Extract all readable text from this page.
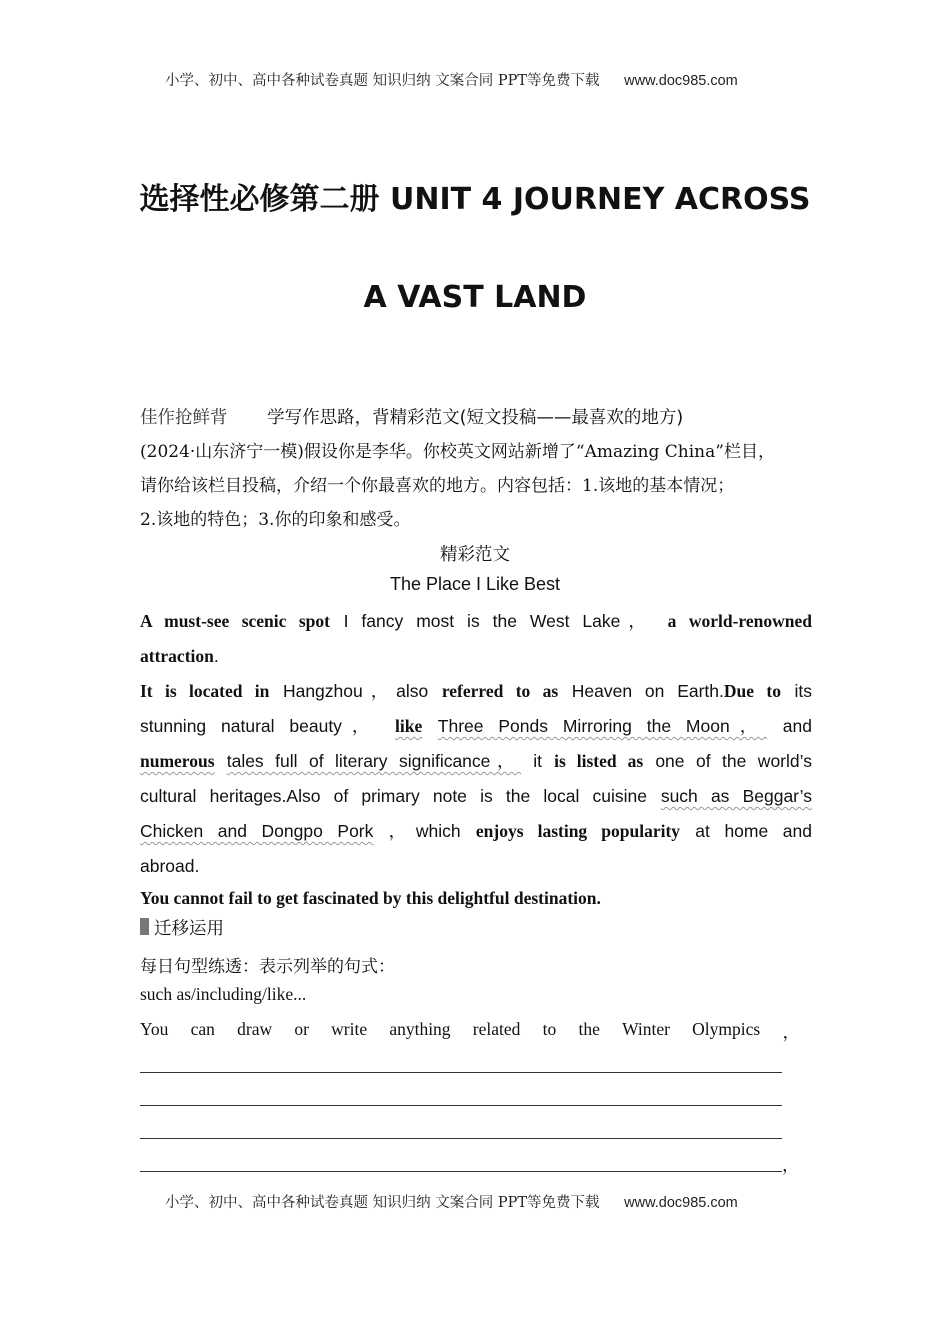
小学、初中、高中各种试卷真题 知识归纳 文案合同 PPT等免费下载 www.doc985.com
选择性必修第二册 UNIT 4 JOURNEY ACROSS
A VAST LAND
佳作抢鲜背 学写作思路，背精彩范文(短文投稿——最喜欢的地方)
(2024·山东济宁一模)假设你是李华。你校英文网站新增了“Amazing China”栏目，
请你给该栏目投稿，介绍一个你最喜欢的地方。内容包括：1.该地的基本情况；
2.该地的特色；3.你的印象和感受。
精彩范文
The Place I Like Best
A must-see scenic spot I fancy most is the West Lake， a world-renowned
attraction.
It is located in Hangzhou，also referred to as Heaven on Earth.Due to its
stunning natural beauty， like Three Ponds Mirroring the Moon， and
numerous tales full of literary significance， it is listed as one of the world’s
cultural heritages.Also of primary note is the local cuisine such as Beggar’s
Chicken and Dongpo Pork ，which enjoys lasting popularity at home and
abroad.
You cannot fail to get fascinated by this delightful destination.
迁移运用
每日句型练透：表示列举的句式：
such as/including/like...
You can draw or write anything related to the Winter Olympics ，
，
小学、初中、高中各种试卷真题 知识归纳 文案合同 PPT等免费下载 www.doc985.com
